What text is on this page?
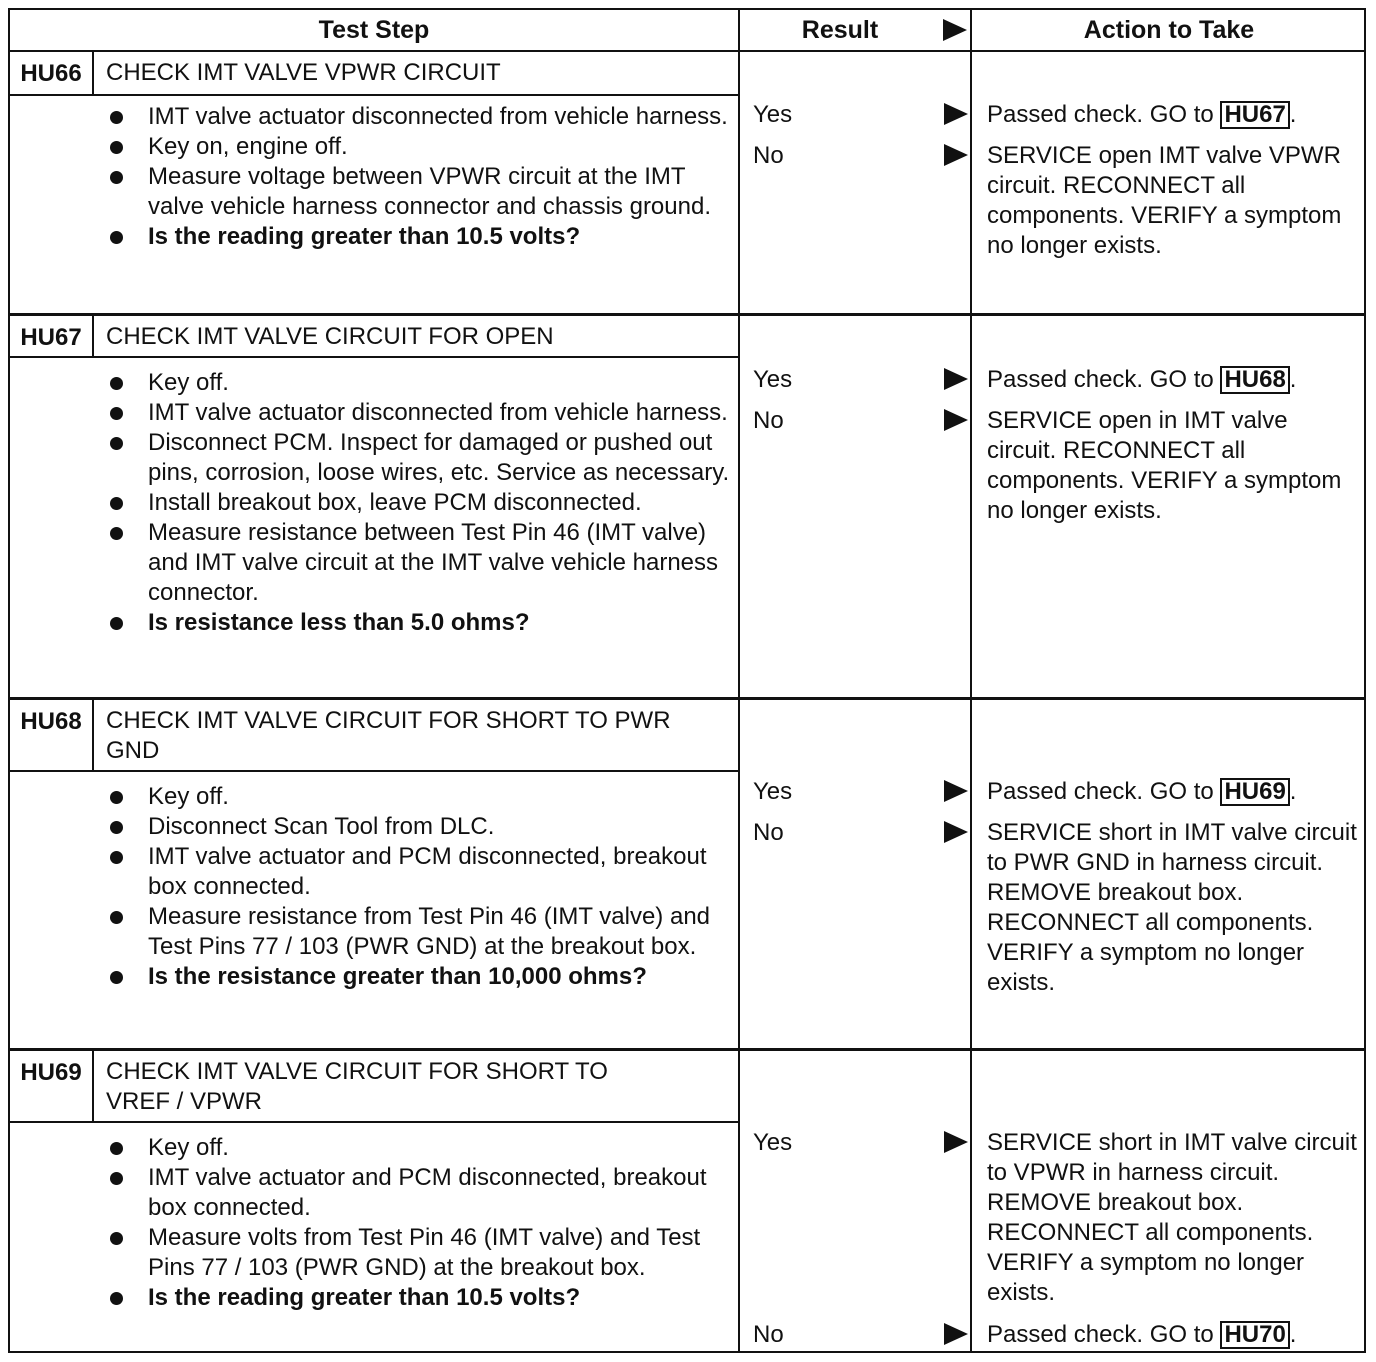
Test Step	Result	Action to Take
HU66	CHECK IMT VALVE VPWR CIRCUIT
IMT valve actuator disconnected from vehicle harness.
Key on, engine off.
Measure voltage between VPWR circuit at the IMT valve vehicle harness connector and chassis ground.
Is the reading greater than 10.5 volts?
Yes	Passed check. GO to HU67 .
No	SERVICE open IMT valve VPWR circuit. RECONNECT all components. VERIFY a symptom no longer exists.
HU67	CHECK IMT VALVE CIRCUIT FOR OPEN
Key off.
IMT valve actuator disconnected from vehicle harness.
Disconnect PCM. Inspect for damaged or pushed out pins, corrosion, loose wires, etc. Service as necessary.
Install breakout box, leave PCM disconnected.
Measure resistance between Test Pin 46 (IMT valve) and IMT valve circuit at the IMT valve vehicle harness connector.
Is resistance less than 5.0 ohms?
Yes	Passed check. GO to HU68 .
No	SERVICE open in IMT valve circuit. RECONNECT all components. VERIFY a symptom no longer exists.
HU68	CHECK IMT VALVE CIRCUIT FOR SHORT TO PWR GND
Key off.
Disconnect Scan Tool from DLC.
IMT valve actuator and PCM disconnected, breakout box connected.
Measure resistance from Test Pin 46 (IMT valve) and Test Pins 77 / 103 (PWR GND) at the breakout box.
Is the resistance greater than 10,000 ohms?
Yes	Passed check. GO to HU69 .
No	SERVICE short in IMT valve circuit to PWR GND in harness circuit. REMOVE breakout box. RECONNECT all components. VERIFY a symptom no longer exists.
HU69	CHECK IMT VALVE CIRCUIT FOR SHORT TO VREF / VPWR
Key off.
IMT valve actuator and PCM disconnected, breakout box connected.
Measure volts from Test Pin 46 (IMT valve) and Test Pins 77 / 103 (PWR GND) at the breakout box.
Is the reading greater than 10.5 volts?
Yes	SERVICE short in IMT valve circuit to VPWR in harness circuit. REMOVE breakout box. RECONNECT all components. VERIFY a symptom no longer exists.
No	Passed check. GO to HU70 .
